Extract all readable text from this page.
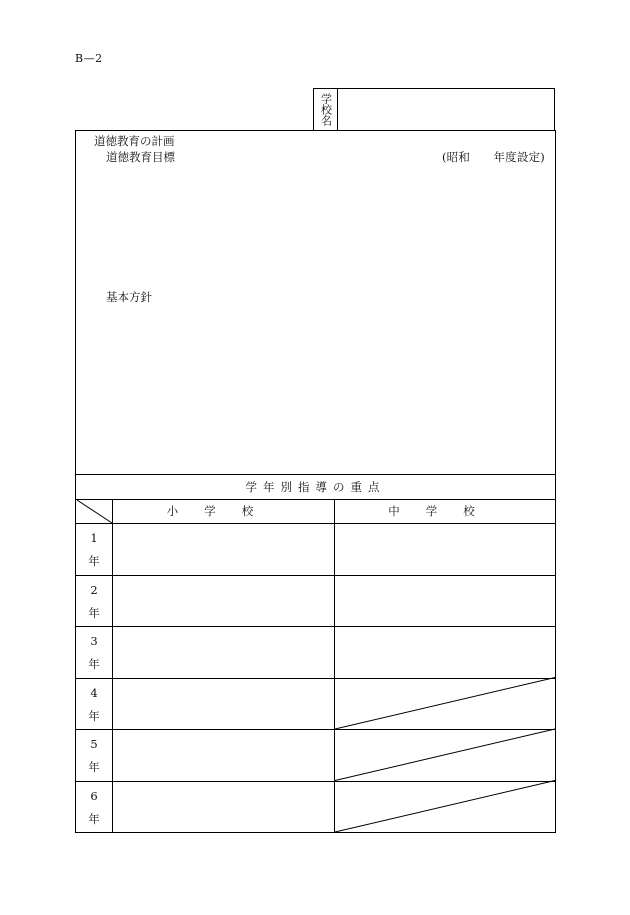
B—2
学校名
道徳教育の計画
道徳教育目標	(昭和　　年度設定)
基本方針
学年別指導の重点
小学校	中学校
1
年
2
年
3
年
4
年
5
年
6
年
